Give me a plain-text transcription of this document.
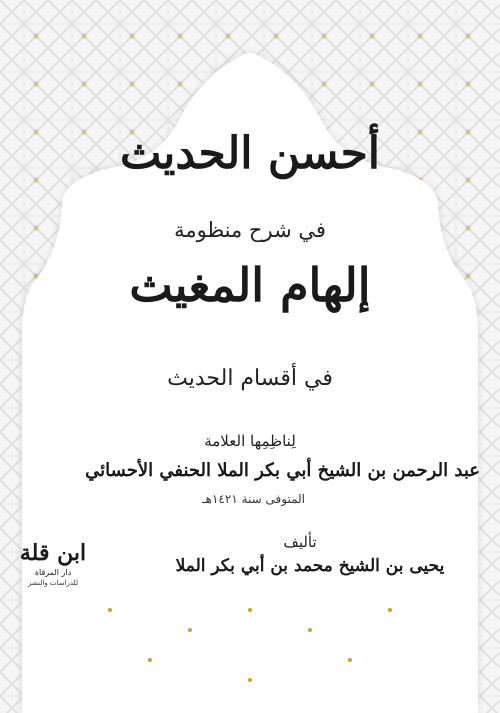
أحسن الحديث
في شرح منظومة
إلهام المغيث
في أقسام الحديث
لِناظِمِها العلامة
عبد الرحمن بن الشيخ أبي بكر الملا الحنفي الأحسائي
المتوفى سنة ١٤٢١هـ
تأليف
يحيى بن الشيخ محمد بن أبي بكر الملا
ابن قلة
دار المرقاة
للدراسات والنشر
